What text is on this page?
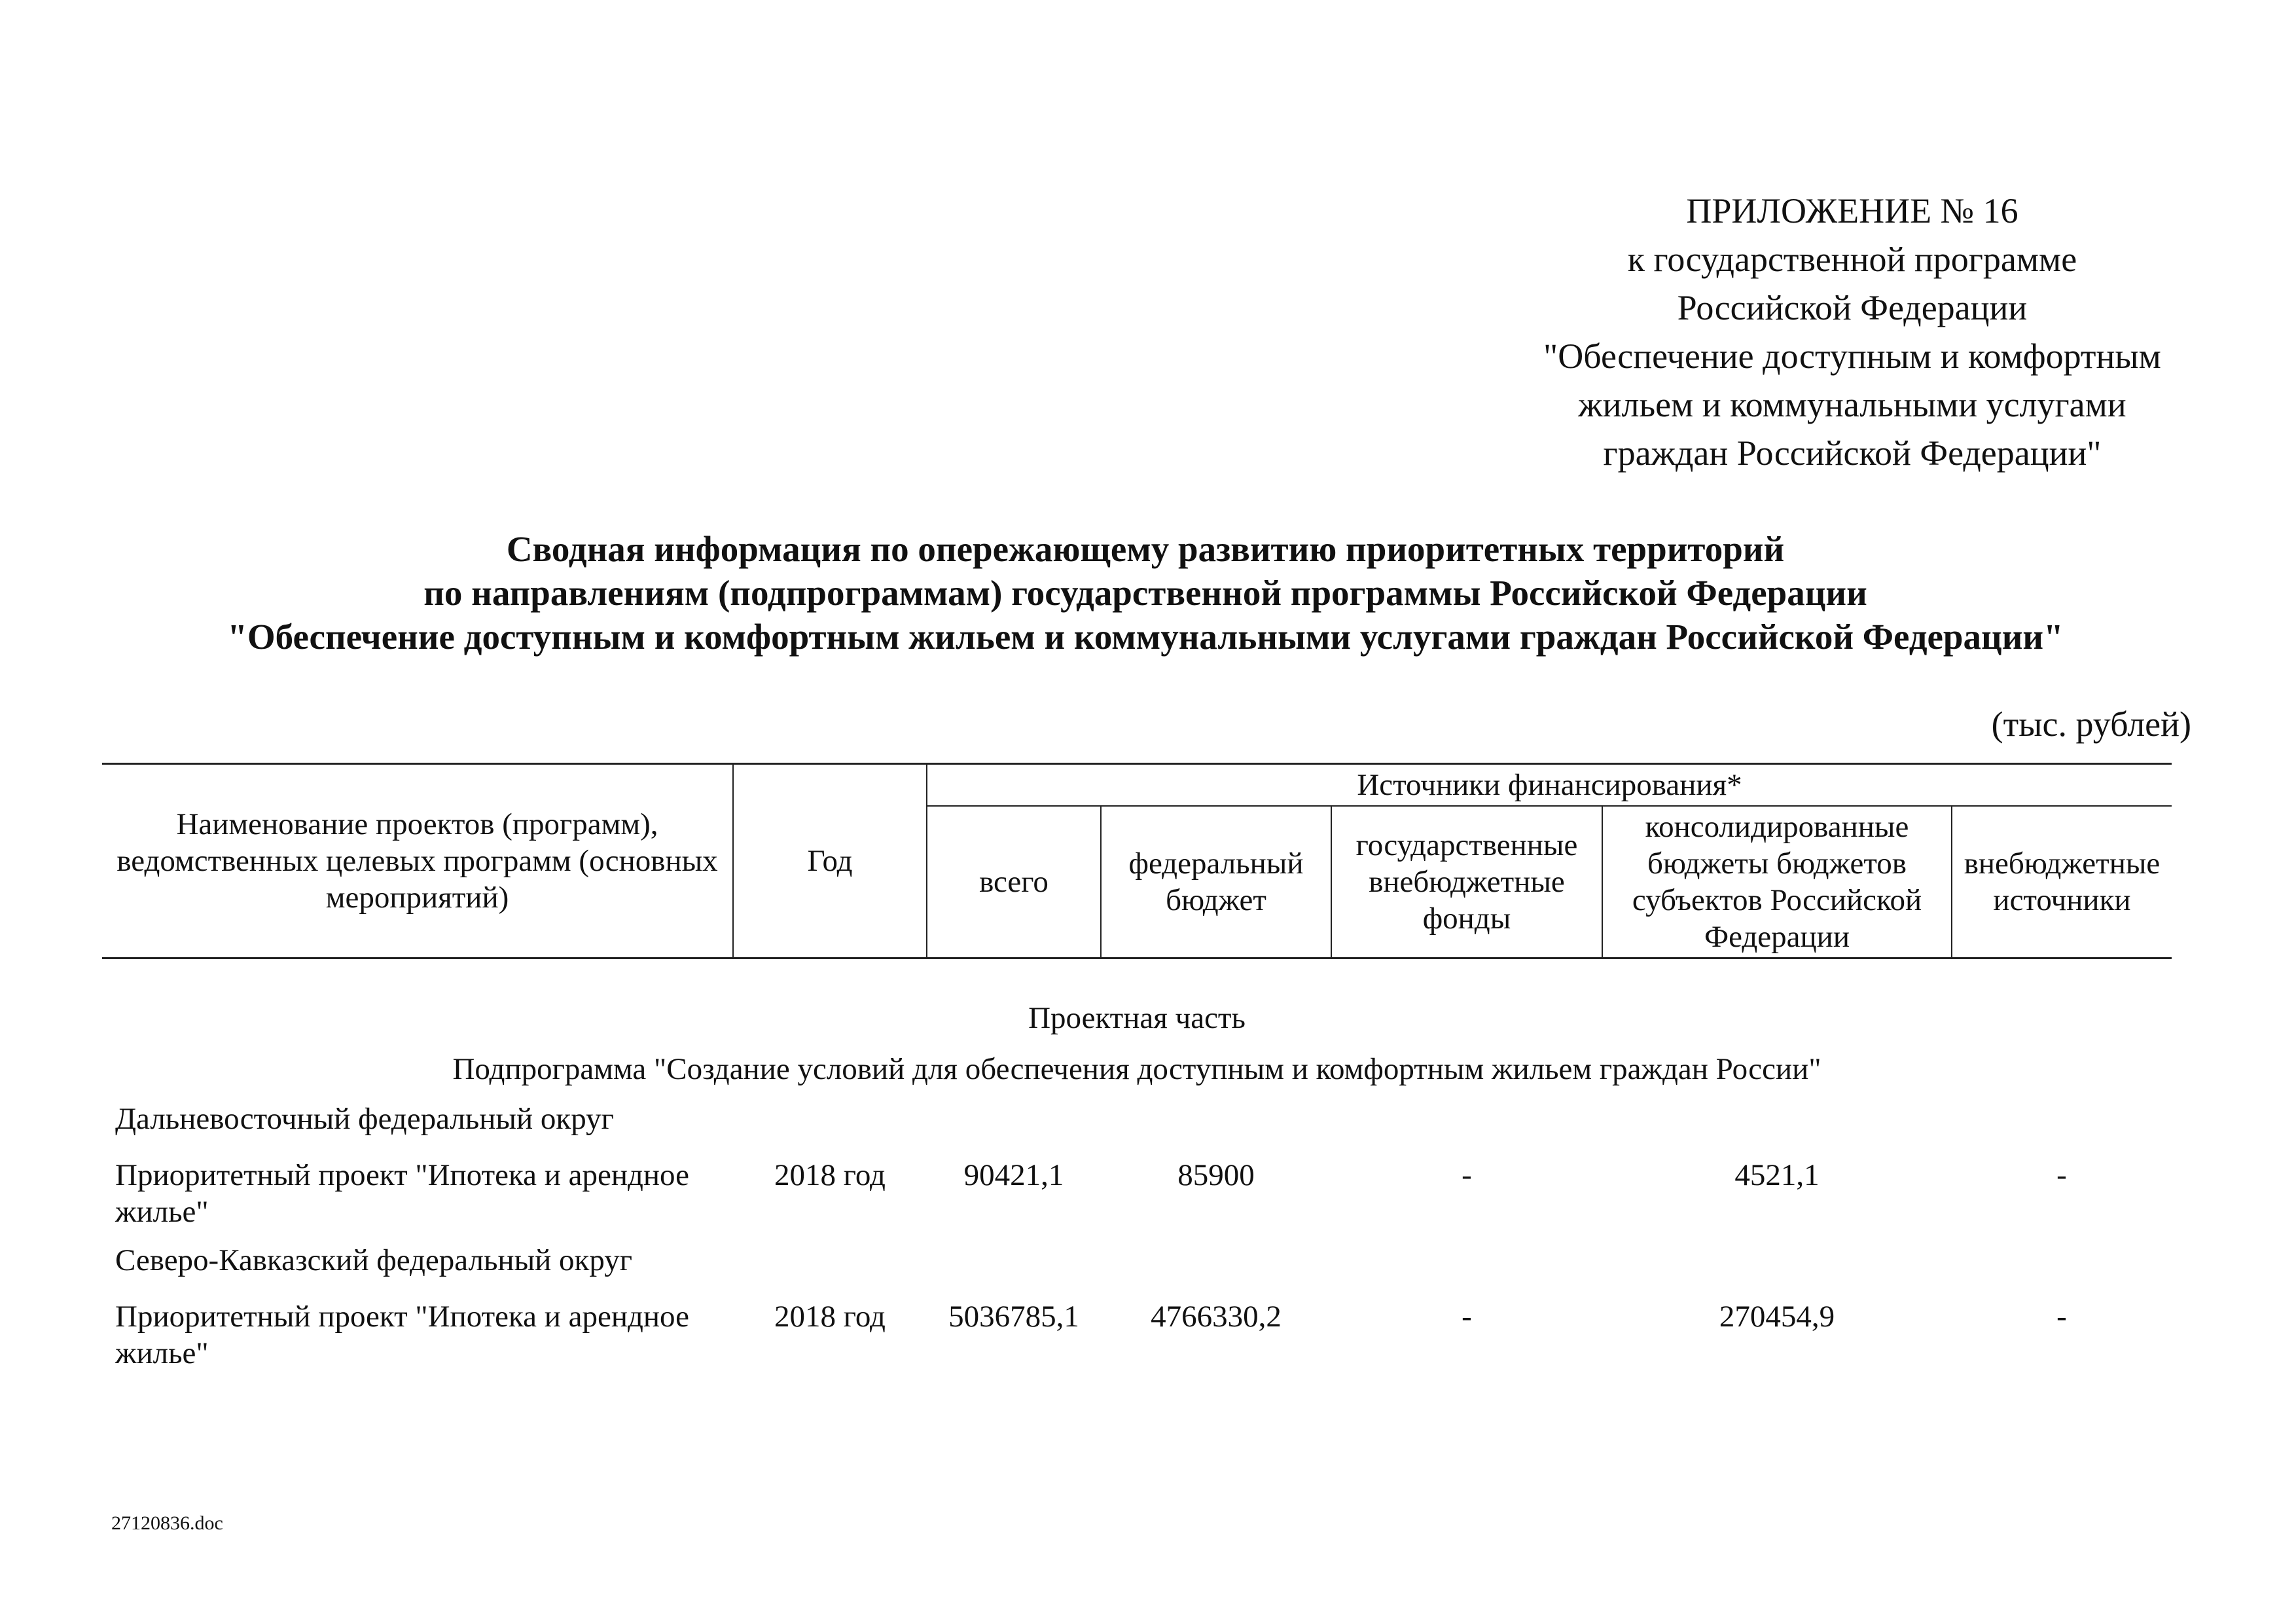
ПРИЛОЖЕНИЕ № 16
к государственной программе
Российской Федерации
"Обеспечение доступным и комфортным
жильем и коммунальными услугами
граждан Российской Федерации"
Сводная информация по опережающему развитию приоритетных территорий
по направлениям (подпрограммам) государственной программы Российской Федерации
"Обеспечение доступным и комфортным жильем и коммунальными услугами граждан Российской Федерации"
(тыс. рублей)
Наименование проектов (программ), ведомственных целевых программ (основных мероприятий)	Год	Источники финансирования*				
		всего	федеральный бюджет	государственные внебюджетные фонды	консолидированные бюджеты бюджетов субъектов Российской Федерации	внебюджетные источники
Проектная часть						
Подпрограмма "Создание условий для обеспечения доступным и комфортным жильем граждан России"						
Дальневосточный федеральный округ						
Приоритетный проект "Ипотека и арендное жилье"	2018 год	90421,1	85900	-	4521,1	-
Северо-Кавказский федеральный округ						
Приоритетный проект "Ипотека и арендное жилье"	2018 год	5036785,1	4766330,2	-	270454,9	-
27120836.doc
